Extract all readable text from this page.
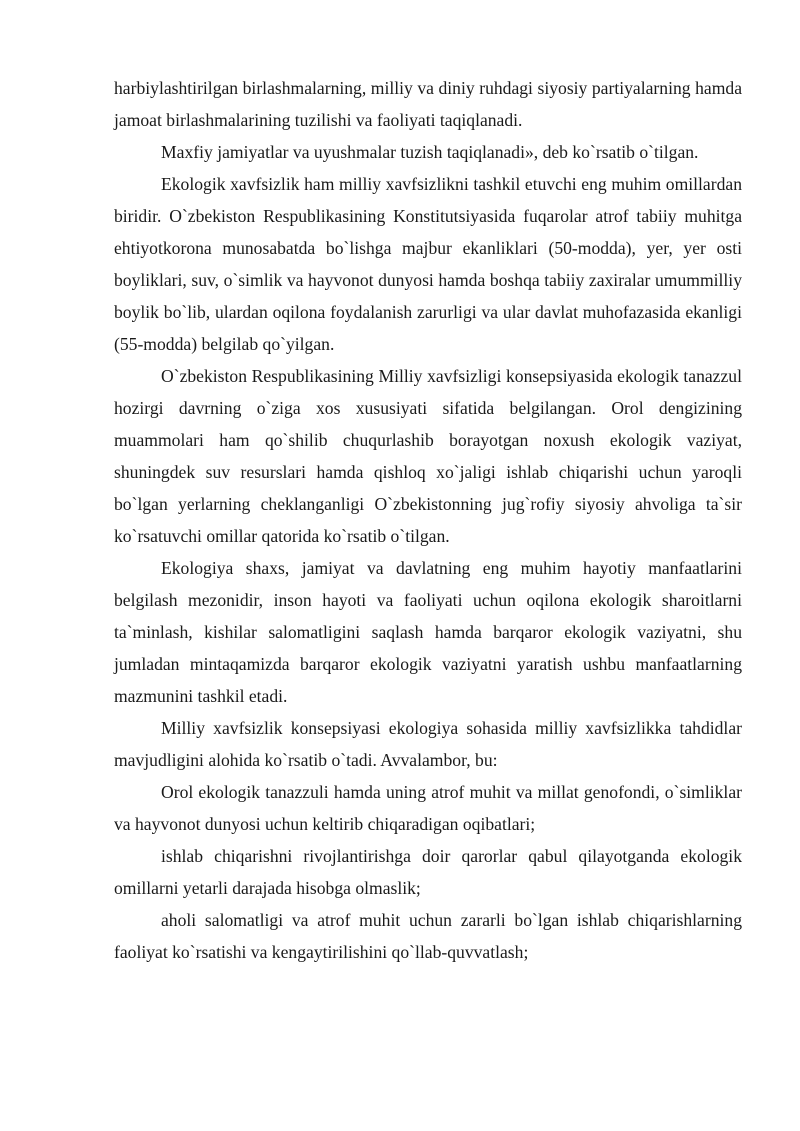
harbiylashtirilgan birlashmalarning, milliy va diniy ruhdagi siyosiy partiyalarning hamda jamoat birlashmalarining tuzilishi va faoliyati taqiqlanadi.

Maxfiy jamiyatlar va uyushmalar tuzish taqiqlanadi», deb ko`rsatib o`tilgan.

Ekologik xavfsizlik ham milliy xavfsizlikni tashkil etuvchi eng muhim omillardan biridir. O`zbekiston Respublikasining Konstitutsiyasida fuqarolar atrof tabiiy muhitga ehtiyotkorona munosabatda bo`lishga majbur ekanliklari (50-modda), yer, yer osti boyliklari, suv, o`simlik va hayvonot dunyosi hamda boshqa tabiiy zaxiralar umummilliy boylik bo`lib, ulardan oqilona foydalanish zarurligi va ular davlat muhofazasida ekanligi (55-modda) belgilab qo`yilgan.

O`zbekiston Respublikasining Milliy xavfsizligi konsepsiyasida ekologik tanazzul hozirgi davrning o`ziga xos xususiyati sifatida belgilangan. Orol dengizining muammolari ham qo`shilib chuqurlashib borayotgan noxush ekologik vaziyat, shuningdek suv resurslari hamda qishloq xo`jaligi ishlab chiqarishi uchun yaroqli bo`lgan yerlarning cheklanganligi O`zbekistonning jug`rofiy siyosiy ahvoliga ta`sir ko`rsatuvchi omillar qatorida ko`rsatib o`tilgan.

Ekologiya shaxs, jamiyat va davlatning eng muhim hayotiy manfaatlarini belgilash mezonidir, inson hayoti va faoliyati uchun oqilona ekologik sharoitlarni ta`minlash, kishilar salomatligini saqlash hamda barqaror ekologik vaziyatni, shu jumladan mintaqamizda barqaror ekologik vaziyatni yaratish ushbu manfaatlarning mazmunini tashkil etadi.

Milliy xavfsizlik konsepsiyasi ekologiya sohasida milliy xavfsizlikka tahdidlar mavjudligini alohida ko`rsatib o`tadi. Avvalambor, bu:

Orol ekologik tanazzuli hamda uning atrof muhit va millat genofondi, o`simliklar va hayvonot dunyosi uchun keltirib chiqaradigan oqibatlari;

ishlab chiqarishni rivojlantirishga doir qarorlar qabul qilayotganda ekologik omillarni yetarli darajada hisobga olmaslik;

aholi salomatligi va atrof muhit uchun zararli bo`lgan ishlab chiqarishlarning faoliyat ko`rsatishi va kengaytirilishini qo`llab-quvvatlash;
